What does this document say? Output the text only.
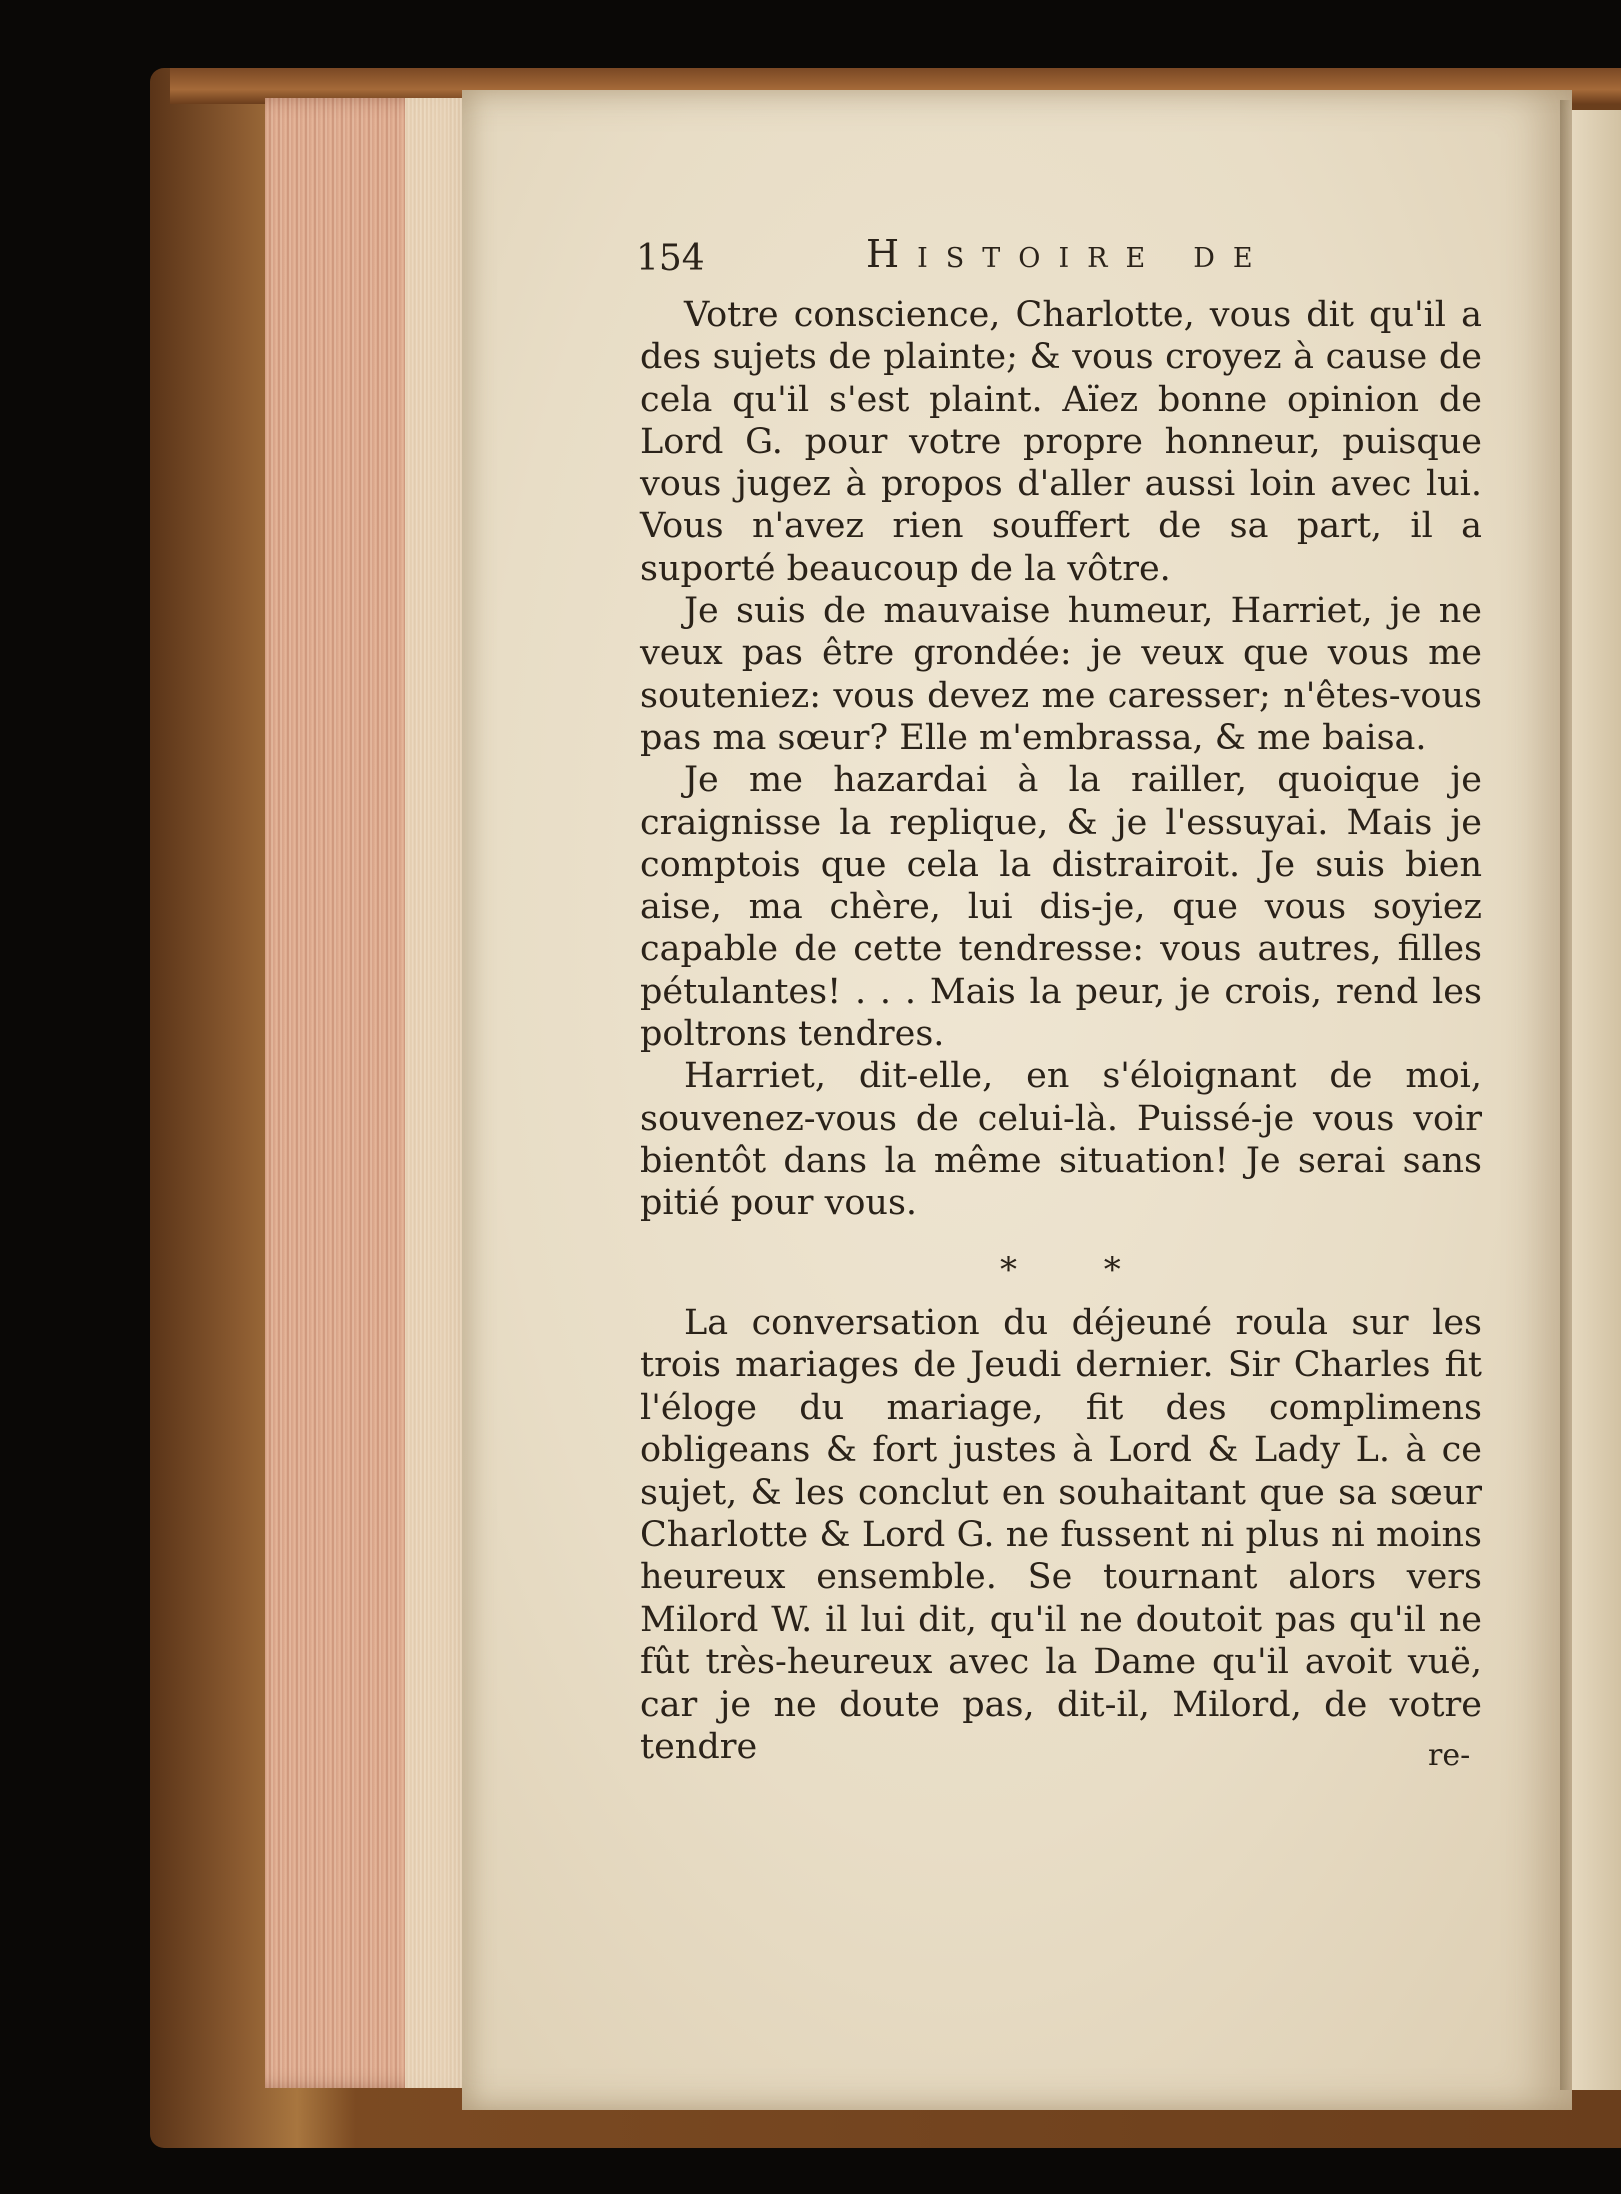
154	Histoire de

Votre conscience, Charlotte, vous dit qu'il a des sujets de plainte; & vous croyez à cause de cela qu'il s'est plaint. Aïez bonne opinion de Lord G. pour votre propre honneur, puisque vous jugez à propos d'aller aussi loin avec lui. Vous n'avez rien souffert de sa part, il a suporté beaucoup de la vôtre.

Je suis de mauvaise humeur, Harriet, je ne veux pas être grondée: je veux que vous me souteniez: vous devez me caresser; n'êtes-vous pas ma sœur? Elle m'embrassa, & me baisa.

Je me hazardai à la railler, quoique je craignisse la replique, & je l'essuyai. Mais je comptois que cela la distrairoit. Je suis bien aise, ma chère, lui dis-je, que vous soyiez capable de cette tendresse: vous autres, filles pétulantes! . . . Mais la peur, je crois, rend les poltrons tendres.

Harriet, dit-elle, en s'éloignant de moi, souvenez-vous de celui-là. Puissé-je vous voir bientôt dans la même situation! Je serai sans pitié pour vous.

* *

La conversation du déjeuné roula sur les trois mariages de Jeudi dernier. Sir Charles fit l'éloge du mariage, fit des complimens obligeans & fort justes à Lord & Lady L. à ce sujet, & les conclut en souhaitant que sa sœur Charlotte & Lord G. ne fussent ni plus ni moins heureux ensemble. Se tournant alors vers Milord W. il lui dit, qu'il ne doutoit pas qu'il ne fût très-heureux avec la Dame qu'il avoit vuë, car je ne doute pas, dit-il, Milord, de votre tendre	re-
